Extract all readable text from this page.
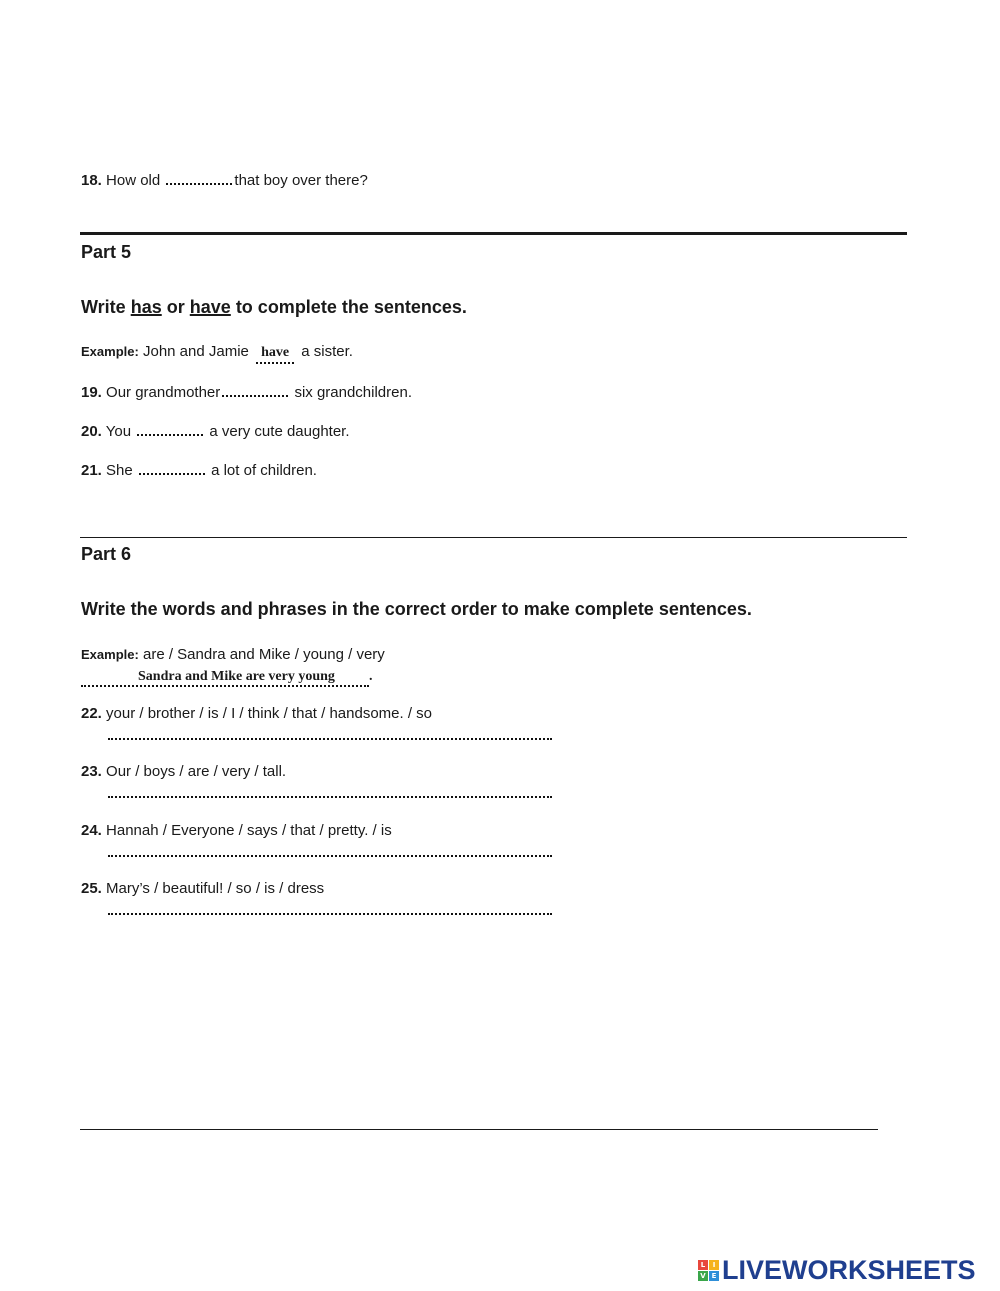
18. How old	that boy over there?
Part 5
Write has or have to complete the sentences.
Example: John and Jamie have a sister.
19. Our grandmother	six grandchildren.
20. You	a very cute daughter.
21. She	a lot of children.
Part 6
Write the words and phrases in the correct order to make complete sentences.
Example: are / Sandra and Mike / young / very
Sandra and Mike are very young .
22. your / brother / is / I / think / that / handsome. / so
23. Our / boys / are / very / tall.
24. Hannah / Everyone / says / that / pretty. / is
25. Mary’s / beautiful! / so / is / dress
L	I
V E LIVEWORKSHEETS
